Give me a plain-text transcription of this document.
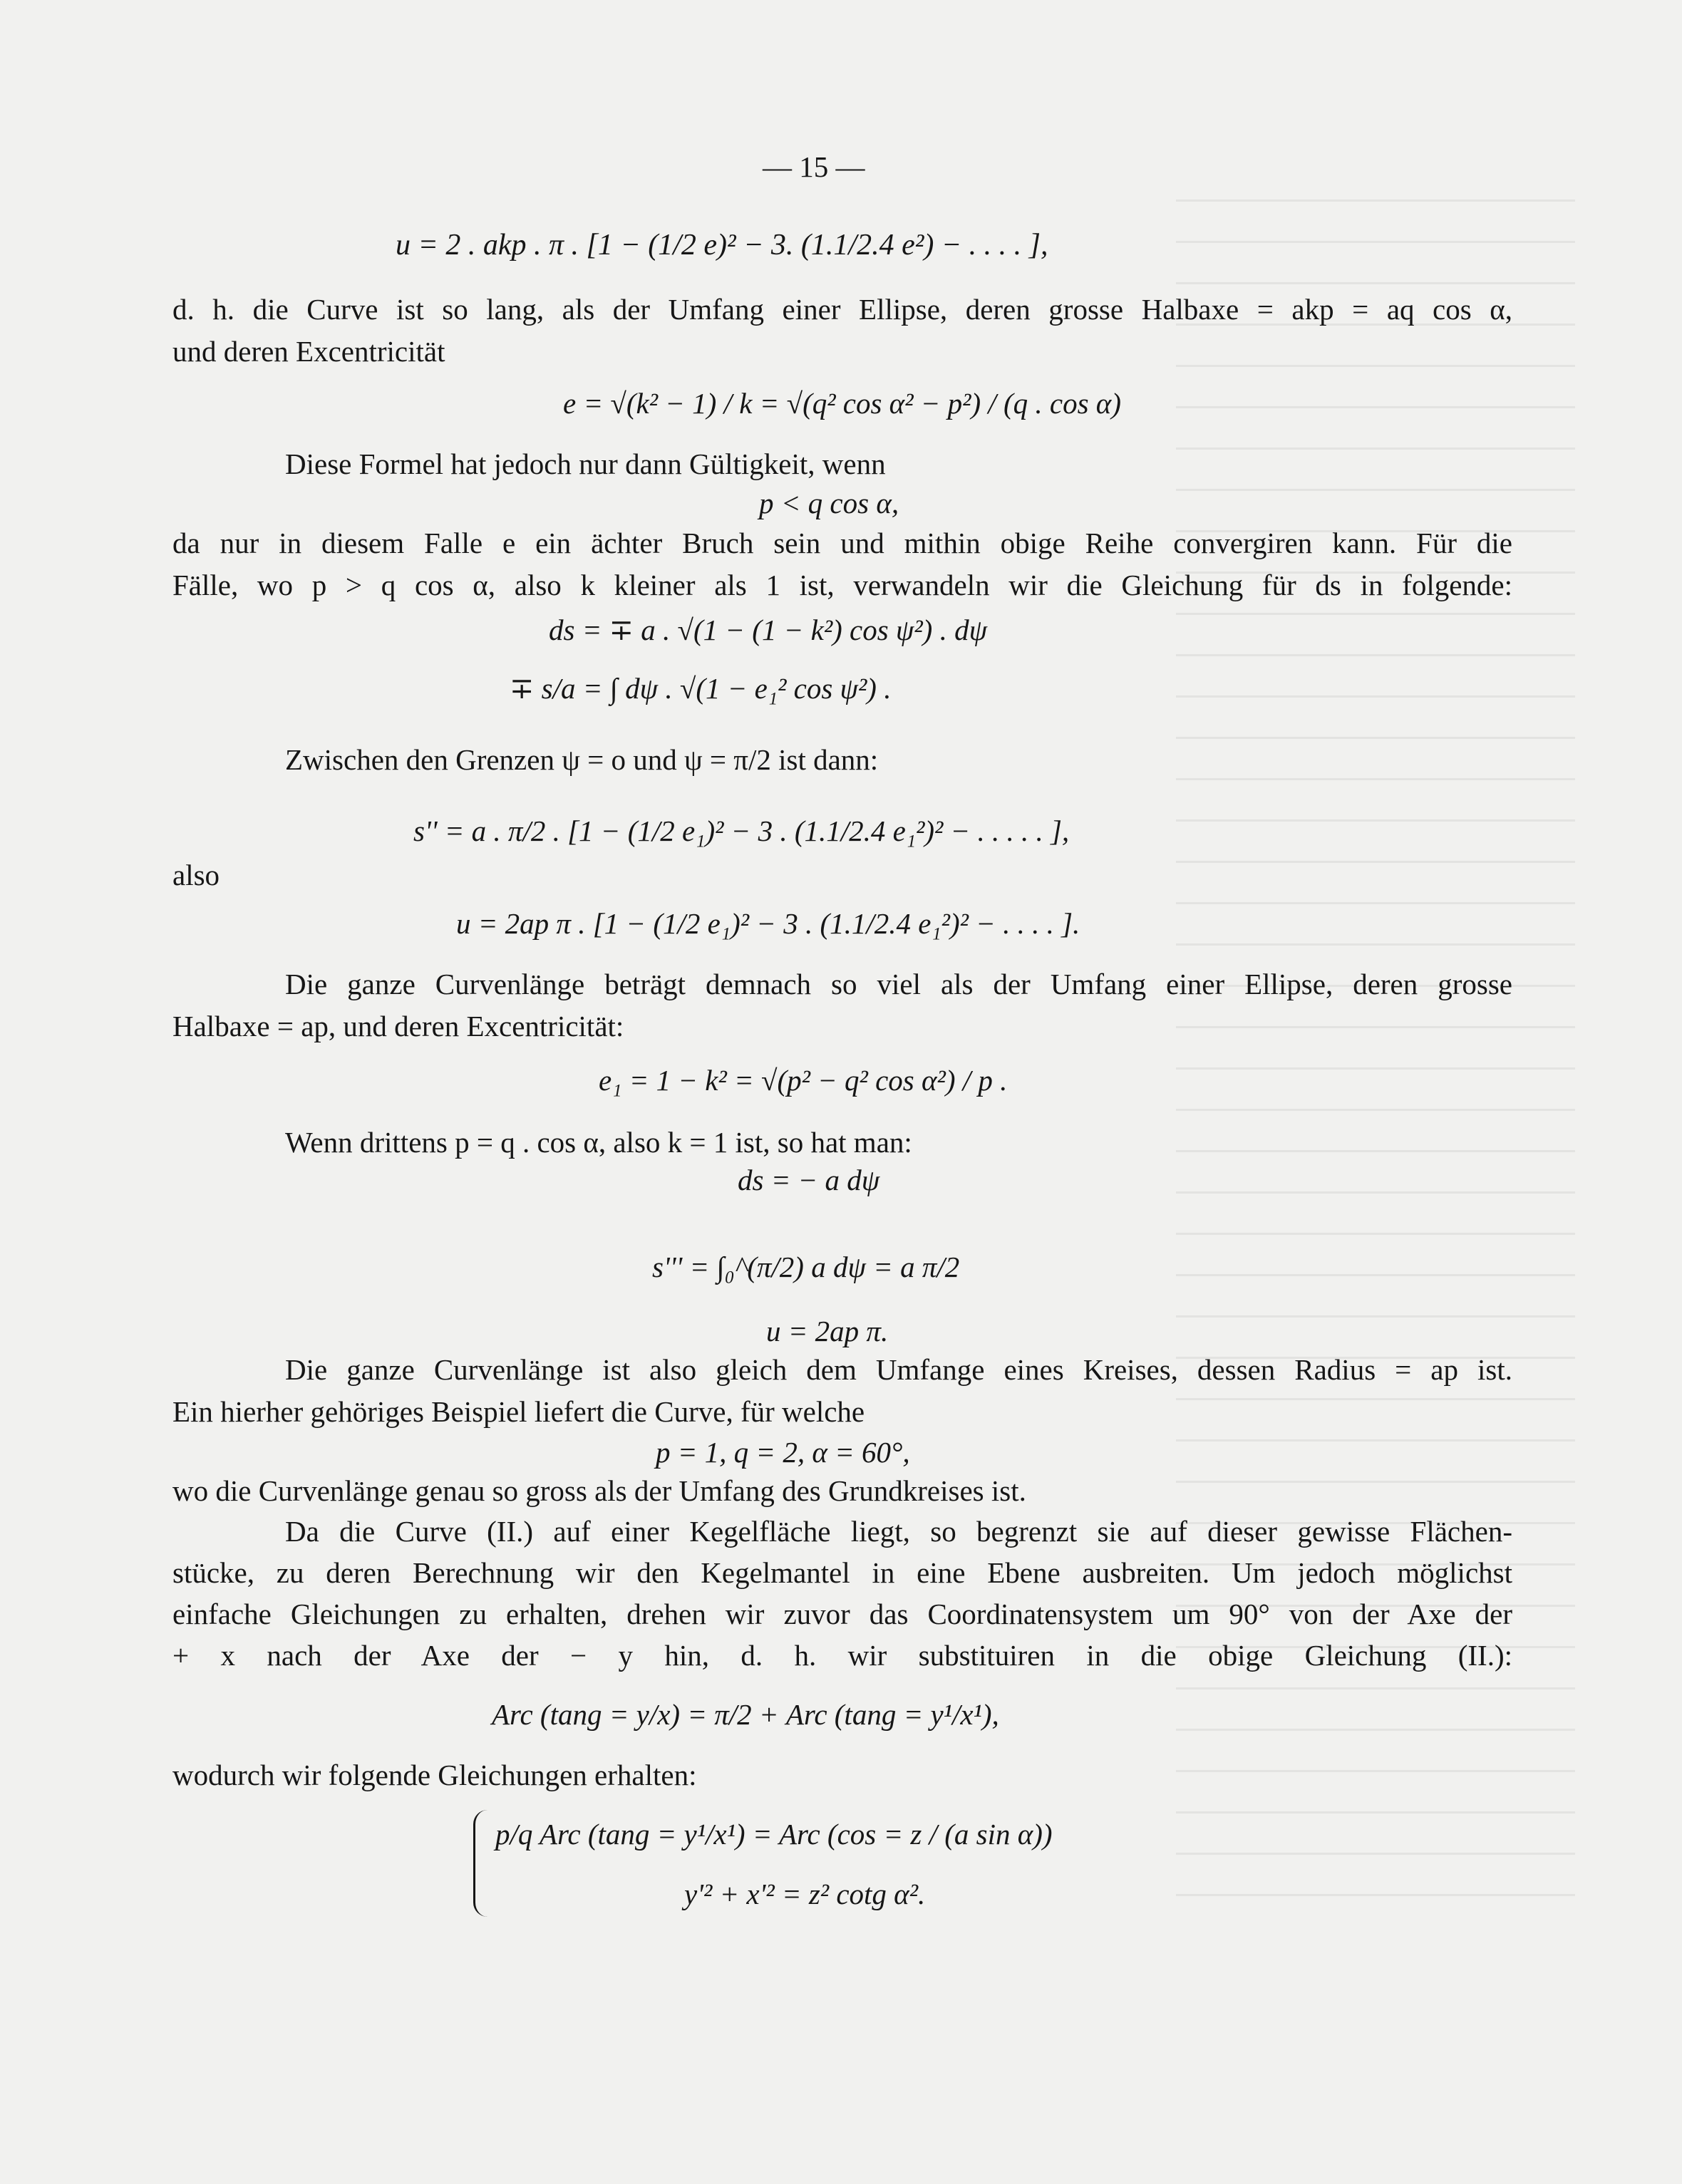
— 15 —
u = 2 . akp . π . [1 − (1/2 e)² − 3. (1.1/2.4 e²) − . . . . ],
d. h. die Curve ist so lang, als der Umfang einer Ellipse, deren grosse Halbaxe = akp = aq cos α,
und deren Excentricität
e = √(k² − 1) / k = √(q² cos α² − p²) / (q . cos α)
Diese Formel hat jedoch nur dann Gültigkeit, wenn
p < q cos α,
da nur in diesem Falle e ein ächter Bruch sein und mithin obige Reihe convergiren kann. Für die
Fälle, wo p > q cos α, also k kleiner als 1 ist, verwandeln wir die Gleichung für ds in folgende:
ds = ∓ a . √(1 − (1 − k²) cos ψ²) . dψ
∓ s/a = ∫ dψ . √(1 − e₁² cos ψ²) .
Zwischen den Grenzen ψ = o und ψ = π/2 ist dann:
s'' = a . π/2 . [1 − (1/2 e₁)² − 3 . (1.1/2.4 e₁²)² − . . . . . ],
also
u = 2ap π . [1 − (1/2 e₁)² − 3 . (1.1/2.4 e₁²)² − . . . . ].
Die ganze Curvenlänge beträgt demnach so viel als der Umfang einer Ellipse, deren grosse
Halbaxe = ap, und deren Excentricität:
e₁ = 1 − k² = √(p² − q² cos α²) / p .
Wenn drittens p = q . cos α, also k = 1 ist, so hat man:
ds = − a dψ
s''' = ∫₀^(π/2) a dψ = a π/2
u = 2ap π.
Die ganze Curvenlänge ist also gleich dem Umfange eines Kreises, dessen Radius = ap ist.
Ein hierher gehöriges Beispiel liefert die Curve, für welche
p = 1, q = 2, α = 60°,
wo die Curvenlänge genau so gross als der Umfang des Grundkreises ist.
Da die Curve (II.) auf einer Kegelfläche liegt, so begrenzt sie auf dieser gewisse Flächen-
stücke, zu deren Berechnung wir den Kegelmantel in eine Ebene ausbreiten. Um jedoch möglichst
einfache Gleichungen zu erhalten, drehen wir zuvor das Coordinatensystem um 90° von der Axe der
+ x nach der Axe der − y hin, d. h. wir substituiren in die obige Gleichung (II.):
Arc (tang = y/x) = π/2 + Arc (tang = y¹/x¹),
wodurch wir folgende Gleichungen erhalten:
p/q Arc (tang = y¹/x¹) = Arc (cos = z / (a sin α))
y'² + x'² = z² cotg α².
